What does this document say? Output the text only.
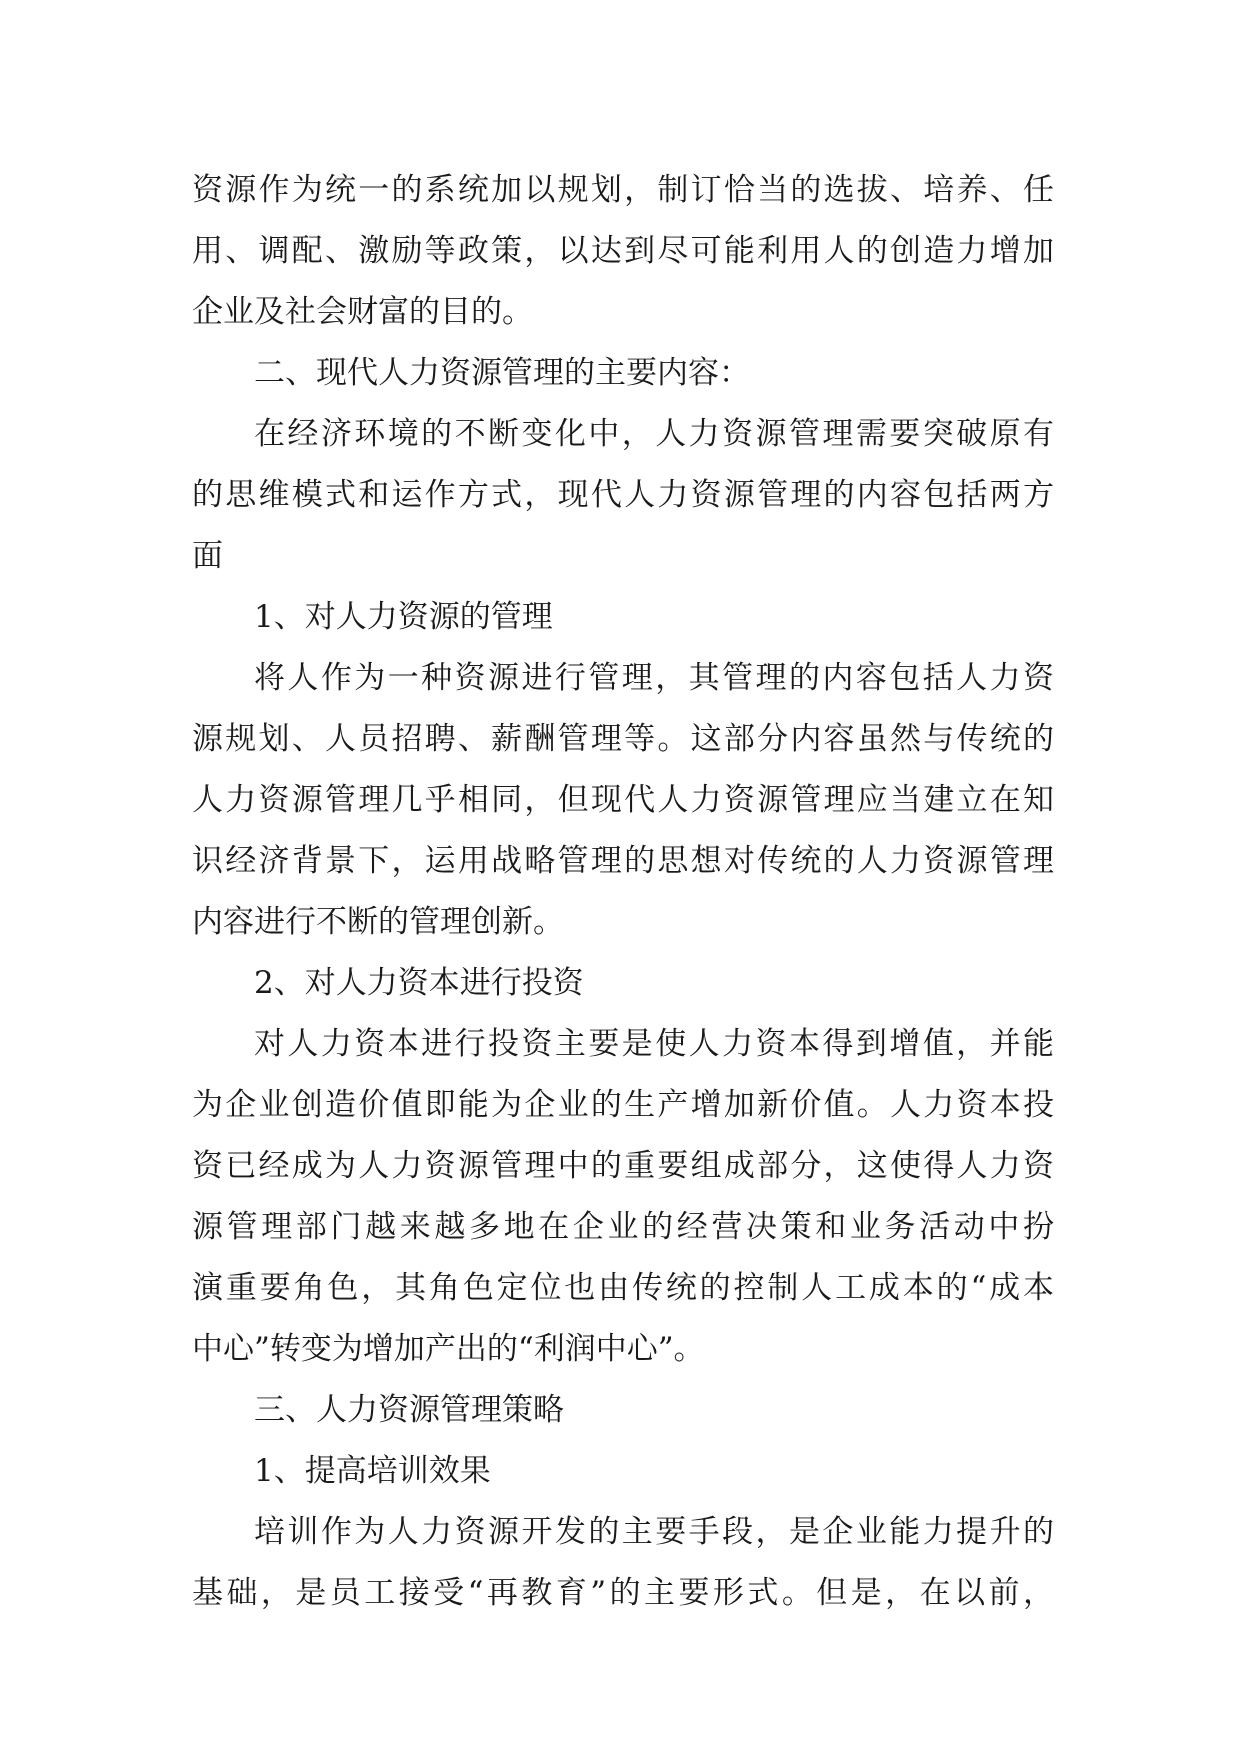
资源作为统一的系统加以规划，制订恰当的选拔、培养、任
用、调配、激励等政策，以达到尽可能利用人的创造力增加
企业及社会财富的目的。
二、现代人力资源管理的主要内容：
在经济环境的不断变化中，人力资源管理需要突破原有
的思维模式和运作方式，现代人力资源管理的内容包括两方
面
1、对人力资源的管理
将人作为一种资源进行管理，其管理的内容包括人力资
源规划、人员招聘、薪酬管理等。这部分内容虽然与传统的
人力资源管理几乎相同，但现代人力资源管理应当建立在知
识经济背景下，运用战略管理的思想对传统的人力资源管理
内容进行不断的管理创新。
2、对人力资本进行投资
对人力资本进行投资主要是使人力资本得到增值，并能
为企业创造价值即能为企业的生产增加新价值。人力资本投
资已经成为人力资源管理中的重要组成部分，这使得人力资
源管理部门越来越多地在企业的经营决策和业务活动中扮
演重要角色，其角色定位也由传统的控制人工成本的“成本
中心”转变为增加产出的“利润中心”。
三、人力资源管理策略
1、提高培训效果
培训作为人力资源开发的主要手段，是企业能力提升的
基础，是员工接受“再教育”的主要形式。但是，在以前，
